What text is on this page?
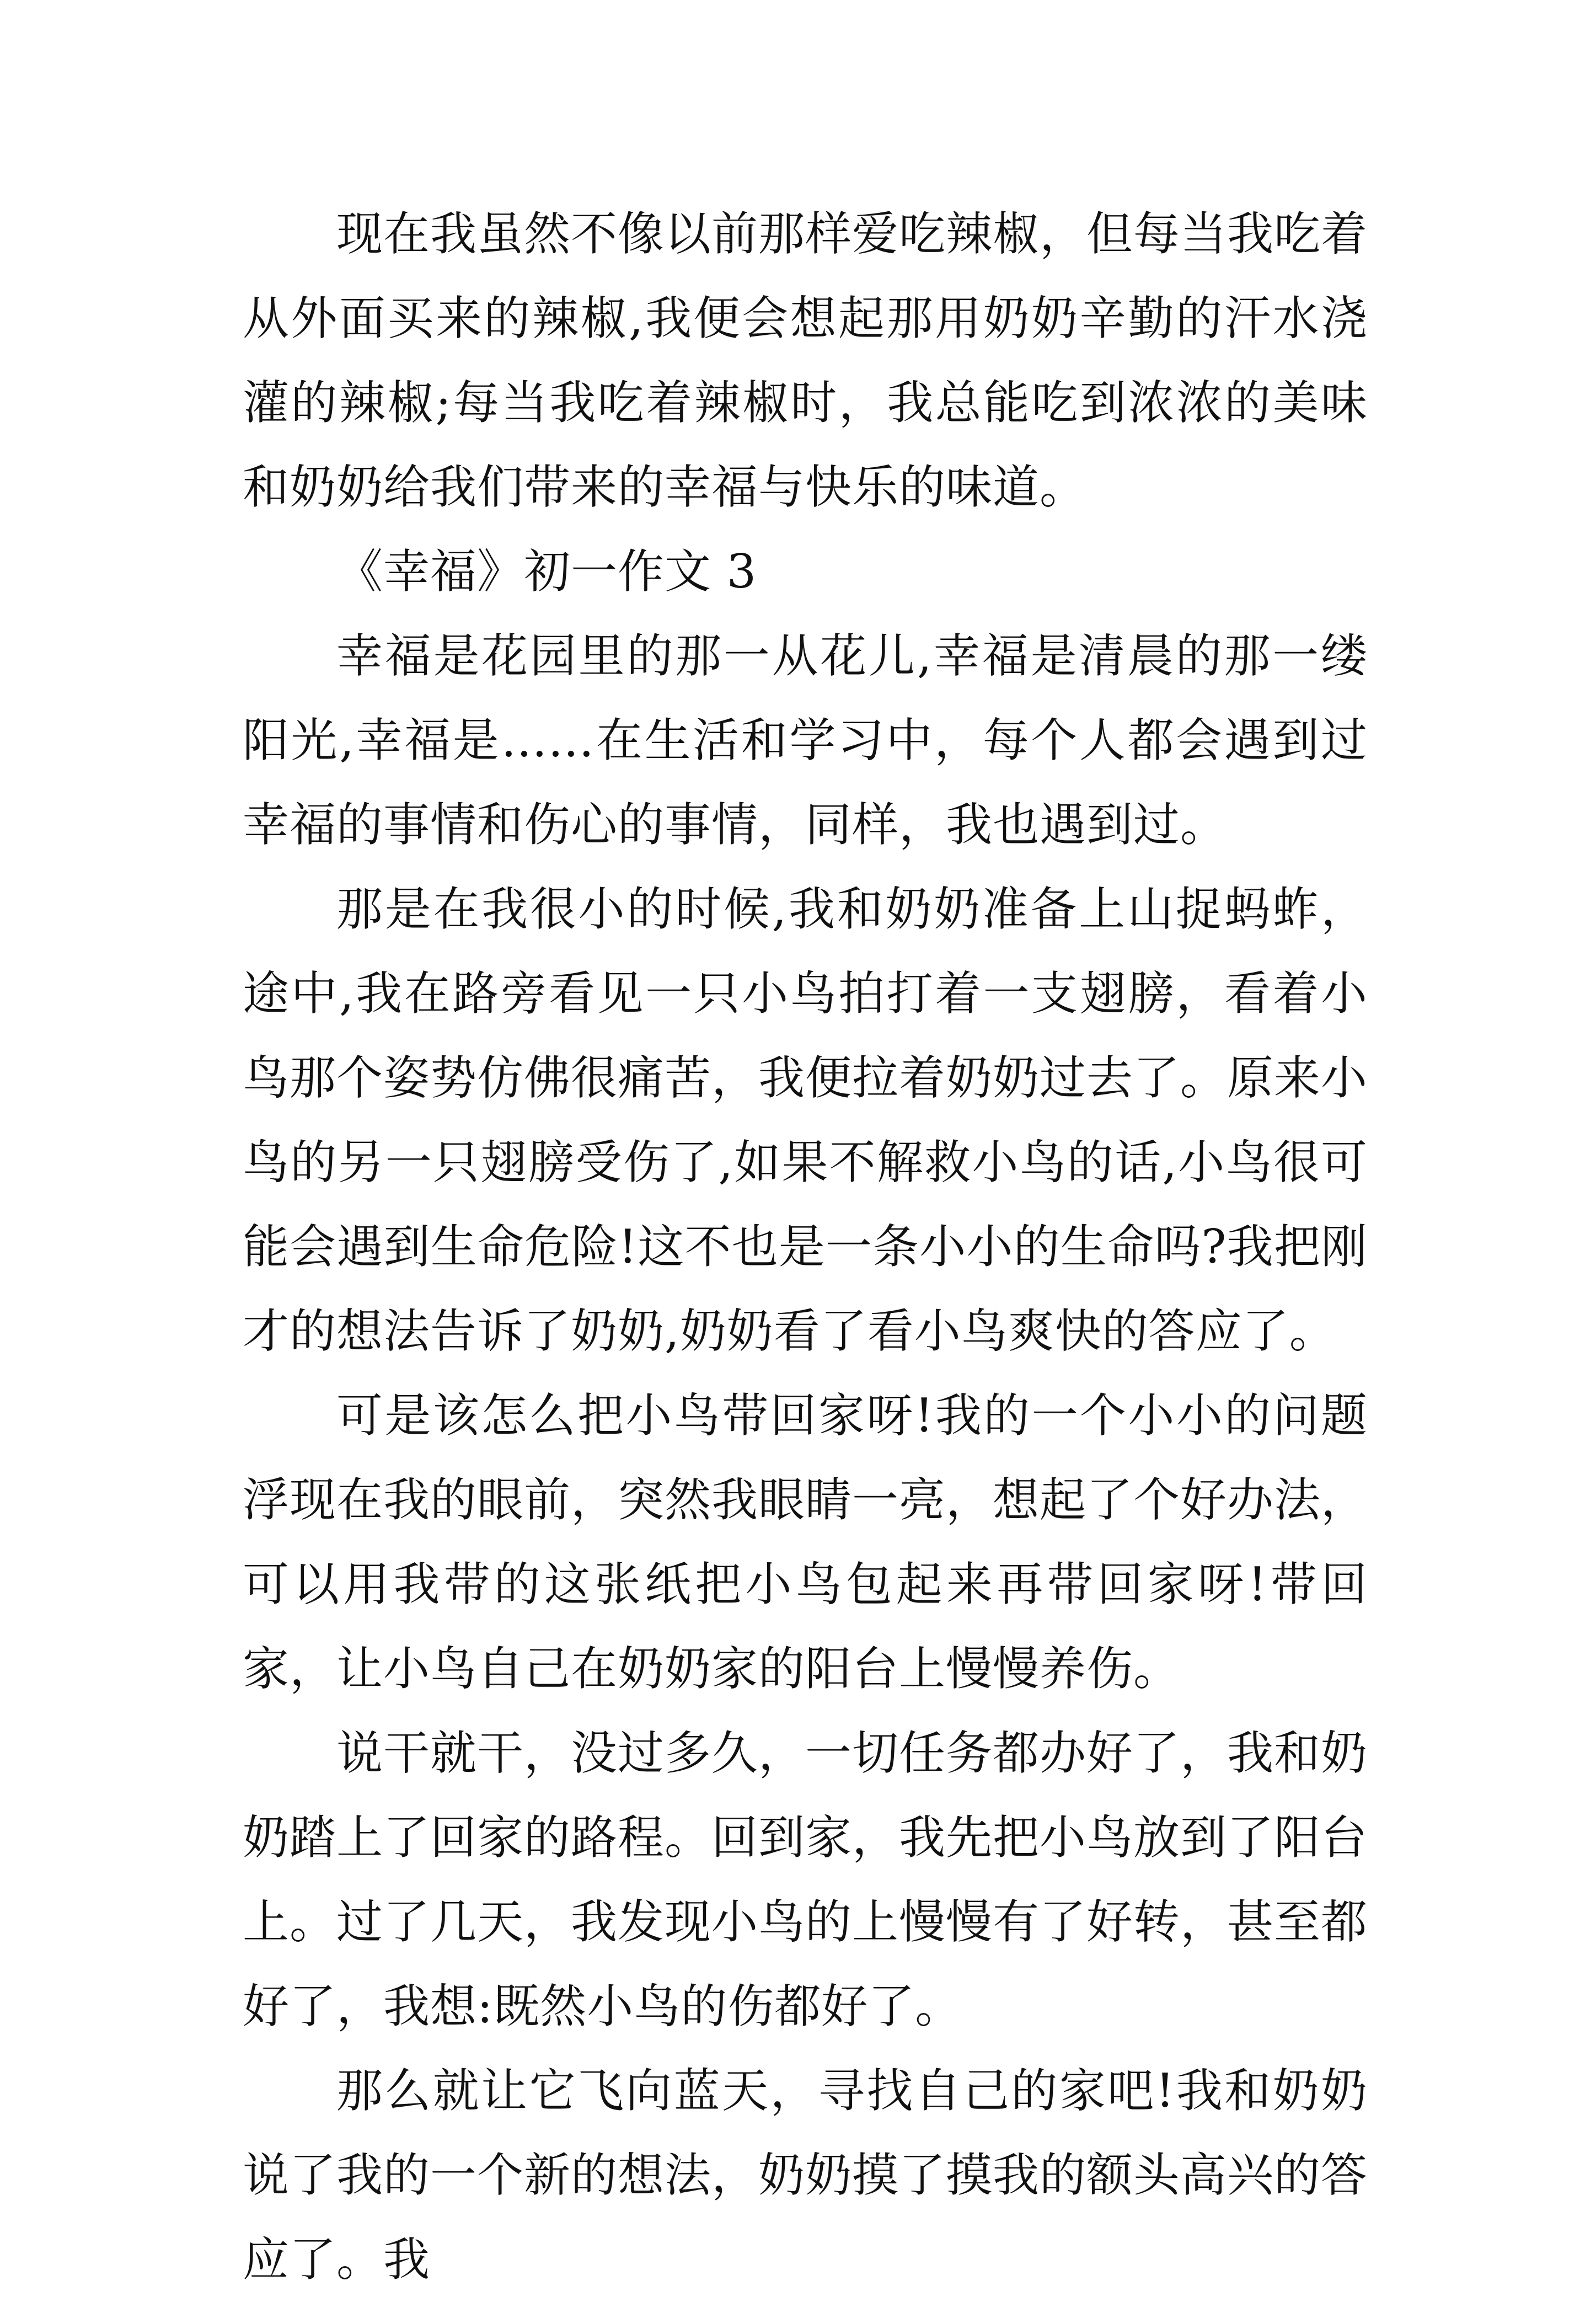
现在我虽然不像以前那样爱吃辣椒，但每当我吃着从外面买来的辣椒,我便会想起那用奶奶辛勤的汗水浇灌的辣椒;每当我吃着辣椒时，我总能吃到浓浓的美味和奶奶给我们带来的幸福与快乐的味道。

《幸福》初一作文 3

幸福是花园里的那一从花儿,幸福是清晨的那一缕阳光,幸福是……在生活和学习中，每个人都会遇到过幸福的事情和伤心的事情，同样，我也遇到过。

那是在我很小的时候,我和奶奶准备上山捉蚂蚱，途中,我在路旁看见一只小鸟拍打着一支翅膀，看着小鸟那个姿势仿佛很痛苦，我便拉着奶奶过去了。原来小鸟的另一只翅膀受伤了,如果不解救小鸟的话,小鸟很可能会遇到生命危险!这不也是一条小小的生命吗?我把刚才的想法告诉了奶奶,奶奶看了看小鸟爽快的答应了。

可是该怎么把小鸟带回家呀!我的一个小小的问题浮现在我的眼前，突然我眼睛一亮，想起了个好办法，可以用我带的这张纸把小鸟包起来再带回家呀!带回家，让小鸟自己在奶奶家的阳台上慢慢养伤。

说干就干，没过多久，一切任务都办好了，我和奶奶踏上了回家的路程。回到家，我先把小鸟放到了阳台上。过了几天，我发现小鸟的上慢慢有了好转，甚至都好了，我想:既然小鸟的伤都好了。

那么就让它飞向蓝天，寻找自己的家吧!我和奶奶说了我的一个新的想法，奶奶摸了摸我的额头高兴的答应了。我
